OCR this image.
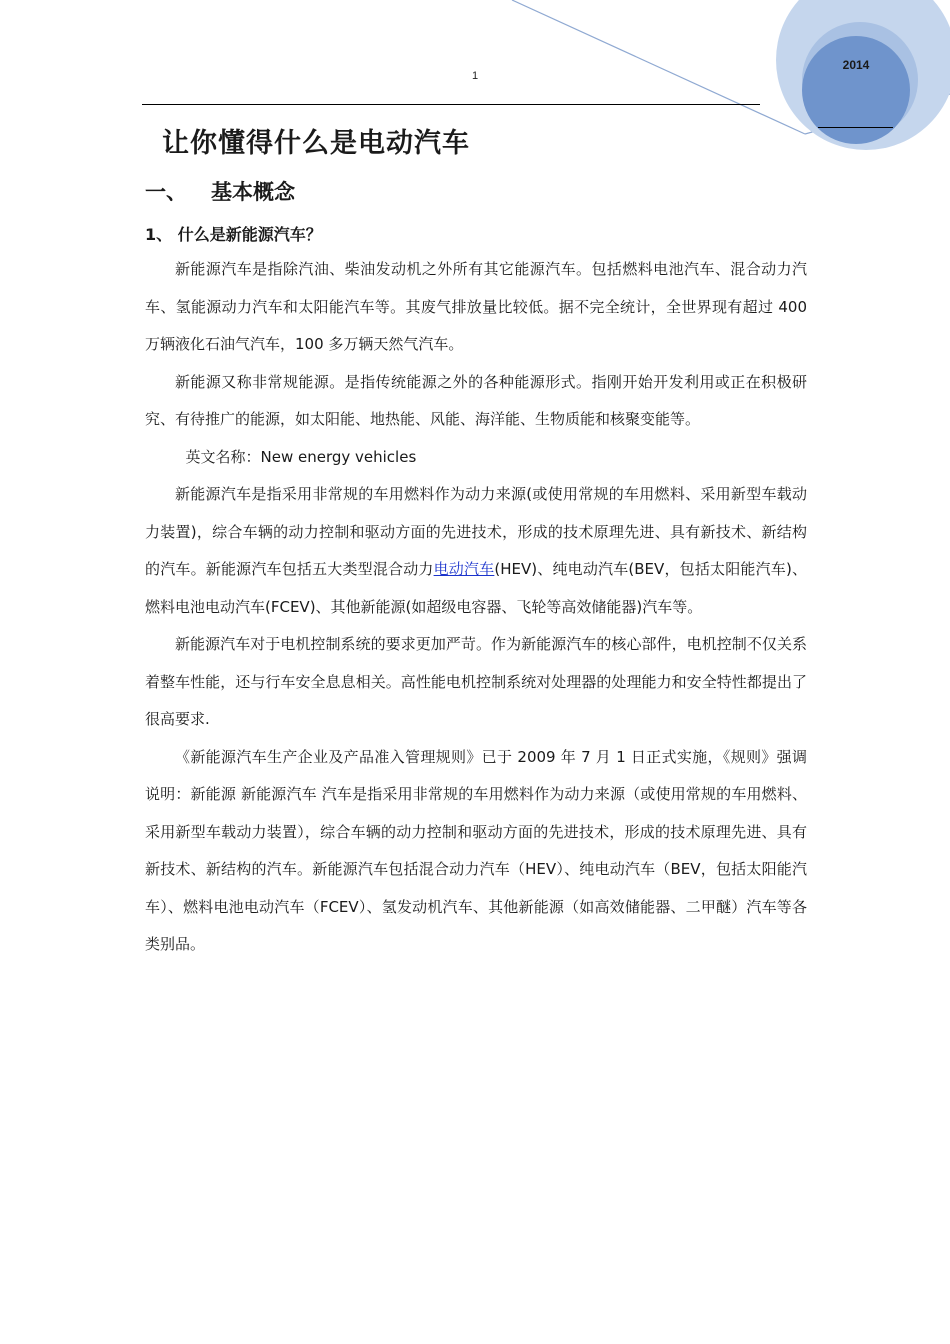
2014
1
让你懂得什么是电动汽车
一、 基本概念
1、 什么是新能源汽车？

新能源汽车是指除汽油、柴油发动机之外所有其它能源汽车。包括燃料电池汽车、混合动力汽车、氢能源动力汽车和太阳能汽车等。其废气排放量比较低。据不完全统计，全世界现有超过 400 万辆液化石油气汽车，100 多万辆天然气汽车。

新能源又称非常规能源。是指传统能源之外的各种能源形式。指刚开始开发利用或正在积极研究、有待推广的能源，如太阳能、地热能、风能、海洋能、生物质能和核聚变能等。

英文名称：New energy vehicles

新能源汽车是指采用非常规的车用燃料作为动力来源(或使用常规的车用燃料、采用新型车载动力装置)，综合车辆的动力控制和驱动方面的先进技术，形成的技术原理先进、具有新技术、新结构的汽车。新能源汽车包括五大类型混合动力电动汽车(HEV)、纯电动汽车(BEV，包括太阳能汽车)、燃料电池电动汽车(FCEV)、其他新能源(如超级电容器、飞轮等高效储能器)汽车等。

新能源汽车对于电机控制系统的要求更加严苛。作为新能源汽车的核心部件，电机控制不仅关系着整车性能，还与行车安全息息相关。高性能电机控制系统对处理器的处理能力和安全特性都提出了很高要求.

《新能源汽车生产企业及产品准入管理规则》已于 2009 年 7 月 1 日正式实施，《规则》强调说明：新能源 新能源汽车 汽车是指采用非常规的车用燃料作为动力来源（或使用常规的车用燃料、采用新型车载动力装置），综合车辆的动力控制和驱动方面的先进技术，形成的技术原理先进、具有新技术、新结构的汽车。新能源汽车包括混合动力汽车（HEV）、纯电动汽车（BEV，包括太阳能汽车）、燃料电池电动汽车（FCEV）、氢发动机汽车、其他新能源（如高效储能器、二甲醚）汽车等各类别品。
